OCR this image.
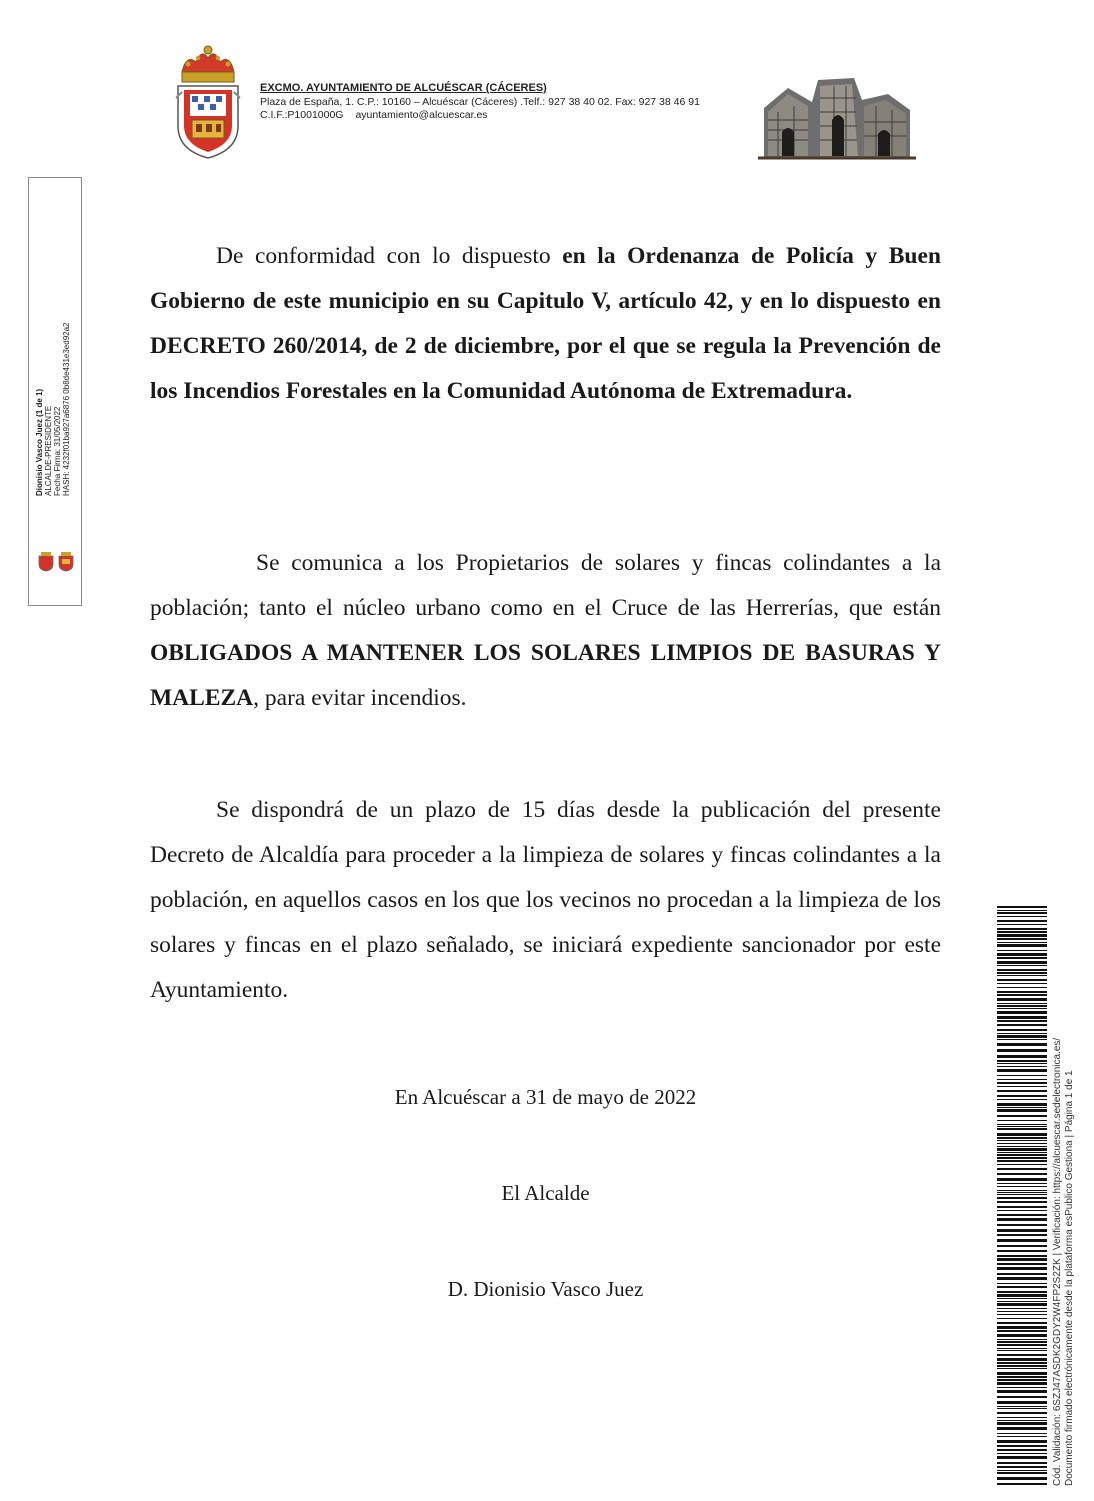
EXCMO. AYUNTAMIENTO DE ALCUÉSCAR (CÁCERES)
Plaza de España, 1. C.P.: 10160 – Alcuéscar (Cáceres) .Telf.: 927 38 40 02. Fax: 927 38 46 91
C.I.F.:P1001000G ayuntamiento@alcuescar.es
Dionisio Vasco Juez (1 de 1) ALCALDE-PRESIDENTE Fecha Firma: 31/05/2022 HASH: 4232f01ba927a6876 0b8de431e3ed92a2
De conformidad con lo dispuesto en la Ordenanza de Policía y Buen Gobierno de este municipio en su Capitulo V, artículo 42, y en lo dispuesto en DECRETO 260/2014, de 2 de diciembre, por el que se regula la Prevención de los Incendios Forestales en la Comunidad Autónoma de Extremadura.
Se comunica a los Propietarios de solares y fincas colindantes a la población; tanto el núcleo urbano como en el Cruce de las Herrerías, que están OBLIGADOS A MANTENER LOS SOLARES LIMPIOS DE BASURAS Y MALEZA, para evitar incendios.
Se dispondrá de un plazo de 15 días desde la publicación del presente Decreto de Alcaldía para proceder a la limpieza de solares y fincas colindantes a la población, en aquellos casos en los que los vecinos no procedan a la limpieza de los solares y fincas en el plazo señalado, se iniciará expediente sancionador por este Ayuntamiento.
En Alcuéscar a 31 de mayo de 2022
El Alcalde
D. Dionisio Vasco Juez	Cód. Validación: 6SZJ47ASDK2GDY2W4FP2S2ZK | Verificación: https://alcuescar.sedelectronica.es/ Documento firmado electrónicamente desde la plataforma esPublico Gestiona | Página 1 de 1
